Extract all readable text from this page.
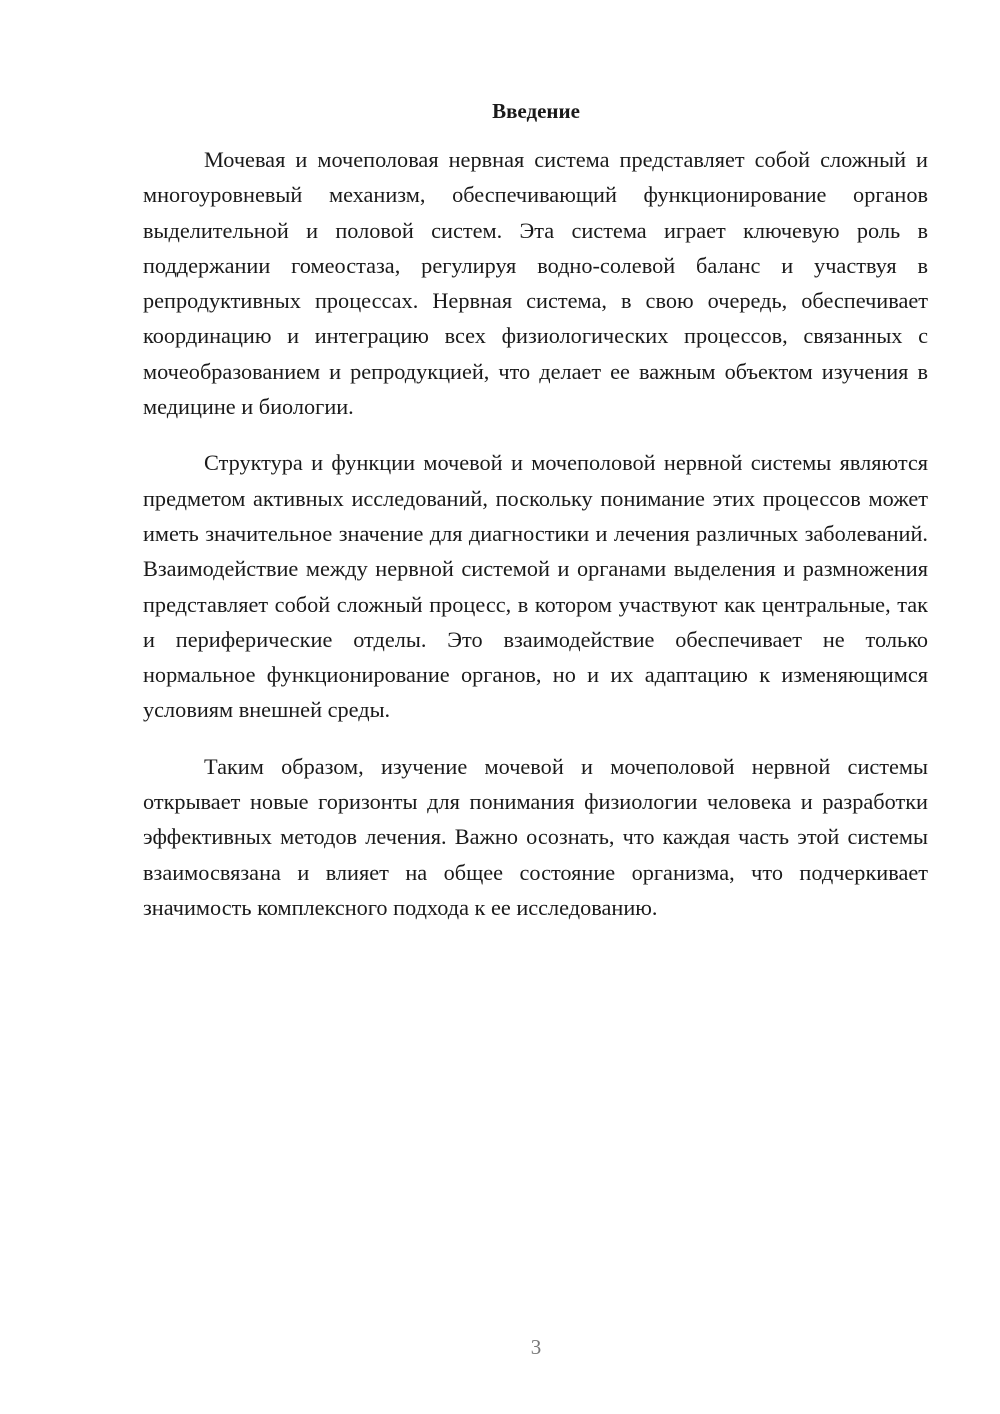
Введение

Мочевая и мочеполовая нервная система представляет собой сложный и многоуровневый механизм, обеспечивающий функционирование органов выделительной и половой систем. Эта система играет ключевую роль в поддержании гомеостаза, регулируя водно-солевой баланс и участвуя в репродуктивных процессах. Нервная система, в свою очередь, обеспечивает координацию и интеграцию всех физиологических процессов, связанных с мочеобразованием и репродукцией, что делает ее важным объектом изучения в медицине и биологии.

Структура и функции мочевой и мочеполовой нервной системы являются предметом активных исследований, поскольку понимание этих процессов может иметь значительное значение для диагностики и лечения различных заболеваний. Взаимодействие между нервной системой и органами выделения и размножения представляет собой сложный процесс, в котором участвуют как центральные, так и периферические отделы. Это взаимодействие обеспечивает не только нормальное функционирование органов, но и их адаптацию к изменяющимся условиям внешней среды.

Таким образом, изучение мочевой и мочеполовой нервной системы открывает новые горизонты для понимания физиологии человека и разработки эффективных методов лечения. Важно осознать, что каждая часть этой системы взаимосвязана и влияет на общее состояние организма, что подчеркивает значимость комплексного подхода к ее исследованию.

3
